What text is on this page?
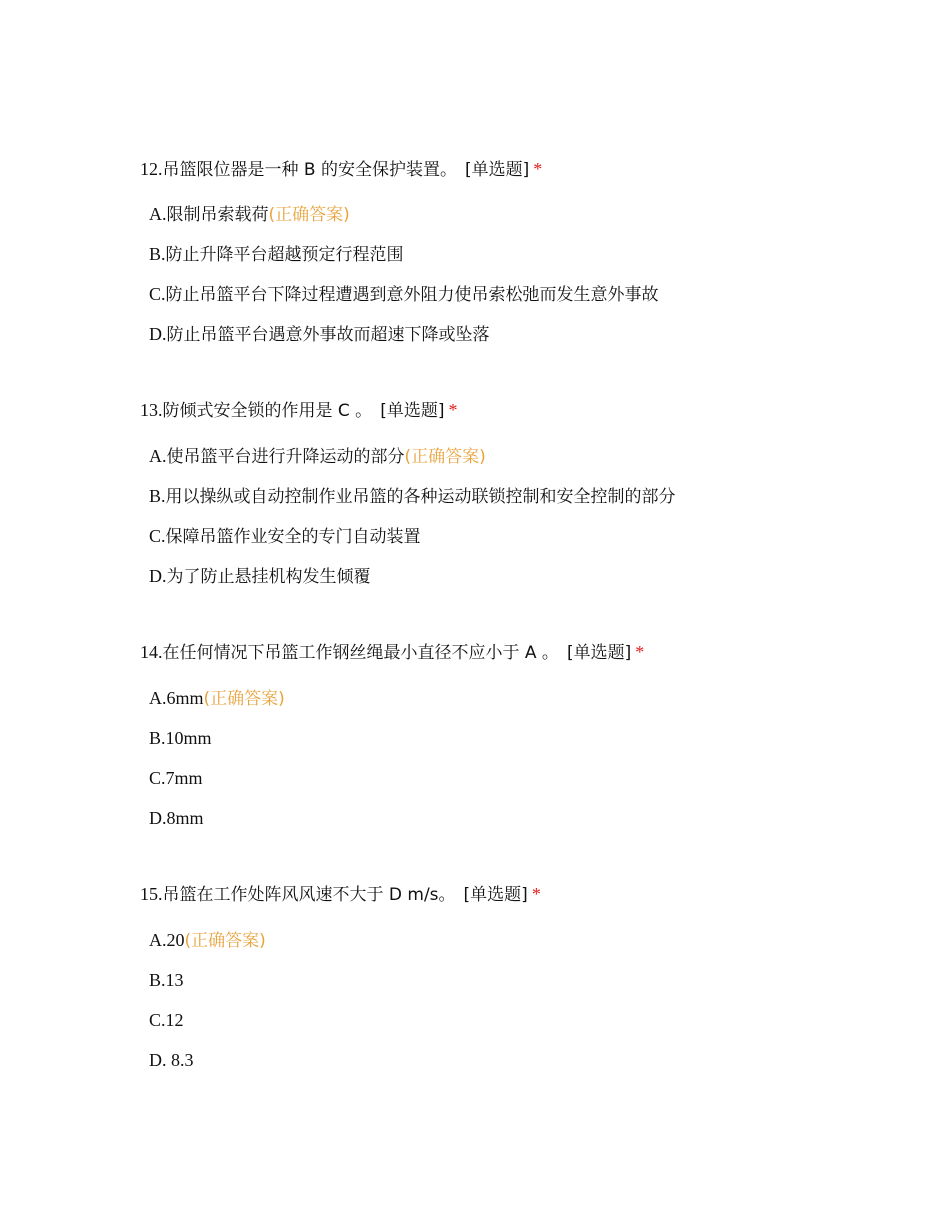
12.吊篮限位器是一种 B 的安全保护装置。 [单选题] *
A.限制吊索载荷(正确答案)
B.防止升降平台超越预定行程范围
C.防止吊篮平台下降过程遭遇到意外阻力使吊索松弛而发生意外事故
D.防止吊篮平台遇意外事故而超速下降或坠落
13.防倾式安全锁的作用是 C 。 [单选题] *
A.使吊篮平台进行升降运动的部分(正确答案)
B.用以操纵或自动控制作业吊篮的各种运动联锁控制和安全控制的部分
C.保障吊篮作业安全的专门自动装置
D.为了防止悬挂机构发生倾覆
14.在任何情况下吊篮工作钢丝绳最小直径不应小于 A 。 [单选题] *
A.6mm(正确答案)
B.10mm
C.7mm
D.8mm
15.吊篮在工作处阵风风速不大于 D m/s。 [单选题] *
A.20(正确答案)
B.13
C.12
D. 8.3
